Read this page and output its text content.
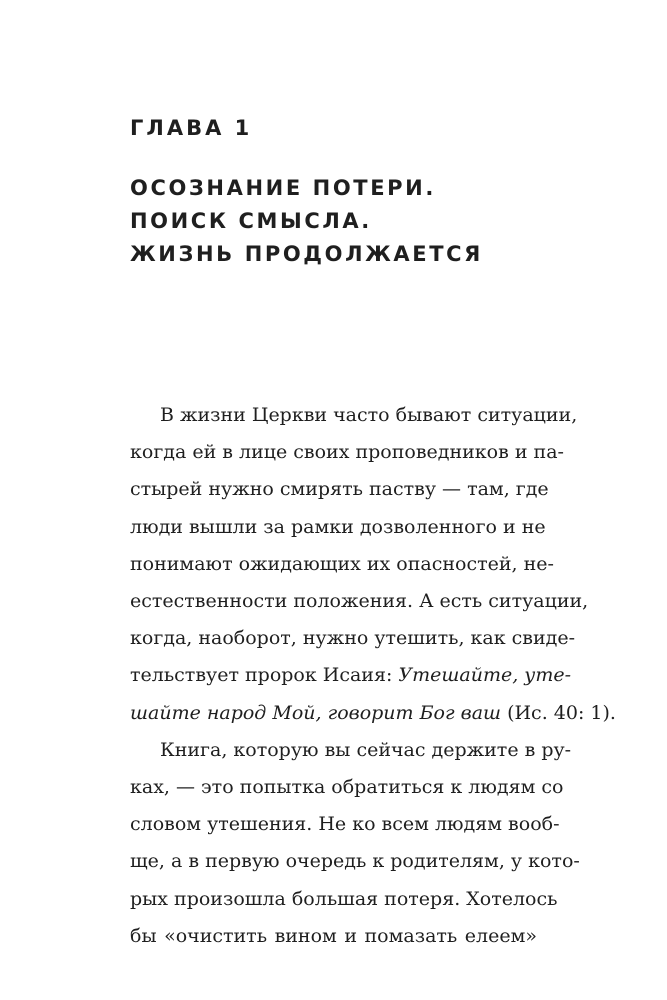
ГЛАВА 1
ОСОЗНАНИЕ ПОТЕРИ.
ПОИСК СМЫСЛА.
ЖИЗНЬ ПРОДОЛЖАЕТСЯ
В жизни Церкви часто бывают ситуации,
когда ей в лице своих проповедников и па-
стырей нужно смирять паству — там, где
люди вышли за рамки дозволенного и не
понимают ожидающих их опасностей, не-
естественности положения. А есть ситуации,
когда, наоборот, нужно утешить, как свиде-
тельствует пророк Исаия: Утешайте, уте-
шайте народ Мой, говорит Бог ваш (Ис. 40: 1).
Книга, которую вы сейчас держите в ру-
ках, — это попытка обратиться к людям со
словом утешения. Не ко всем людям вооб-
ще, а в первую очередь к родителям, у кото-
рых произошла большая потеря. Хотелось
бы «очистить вином и помазать елеем»
